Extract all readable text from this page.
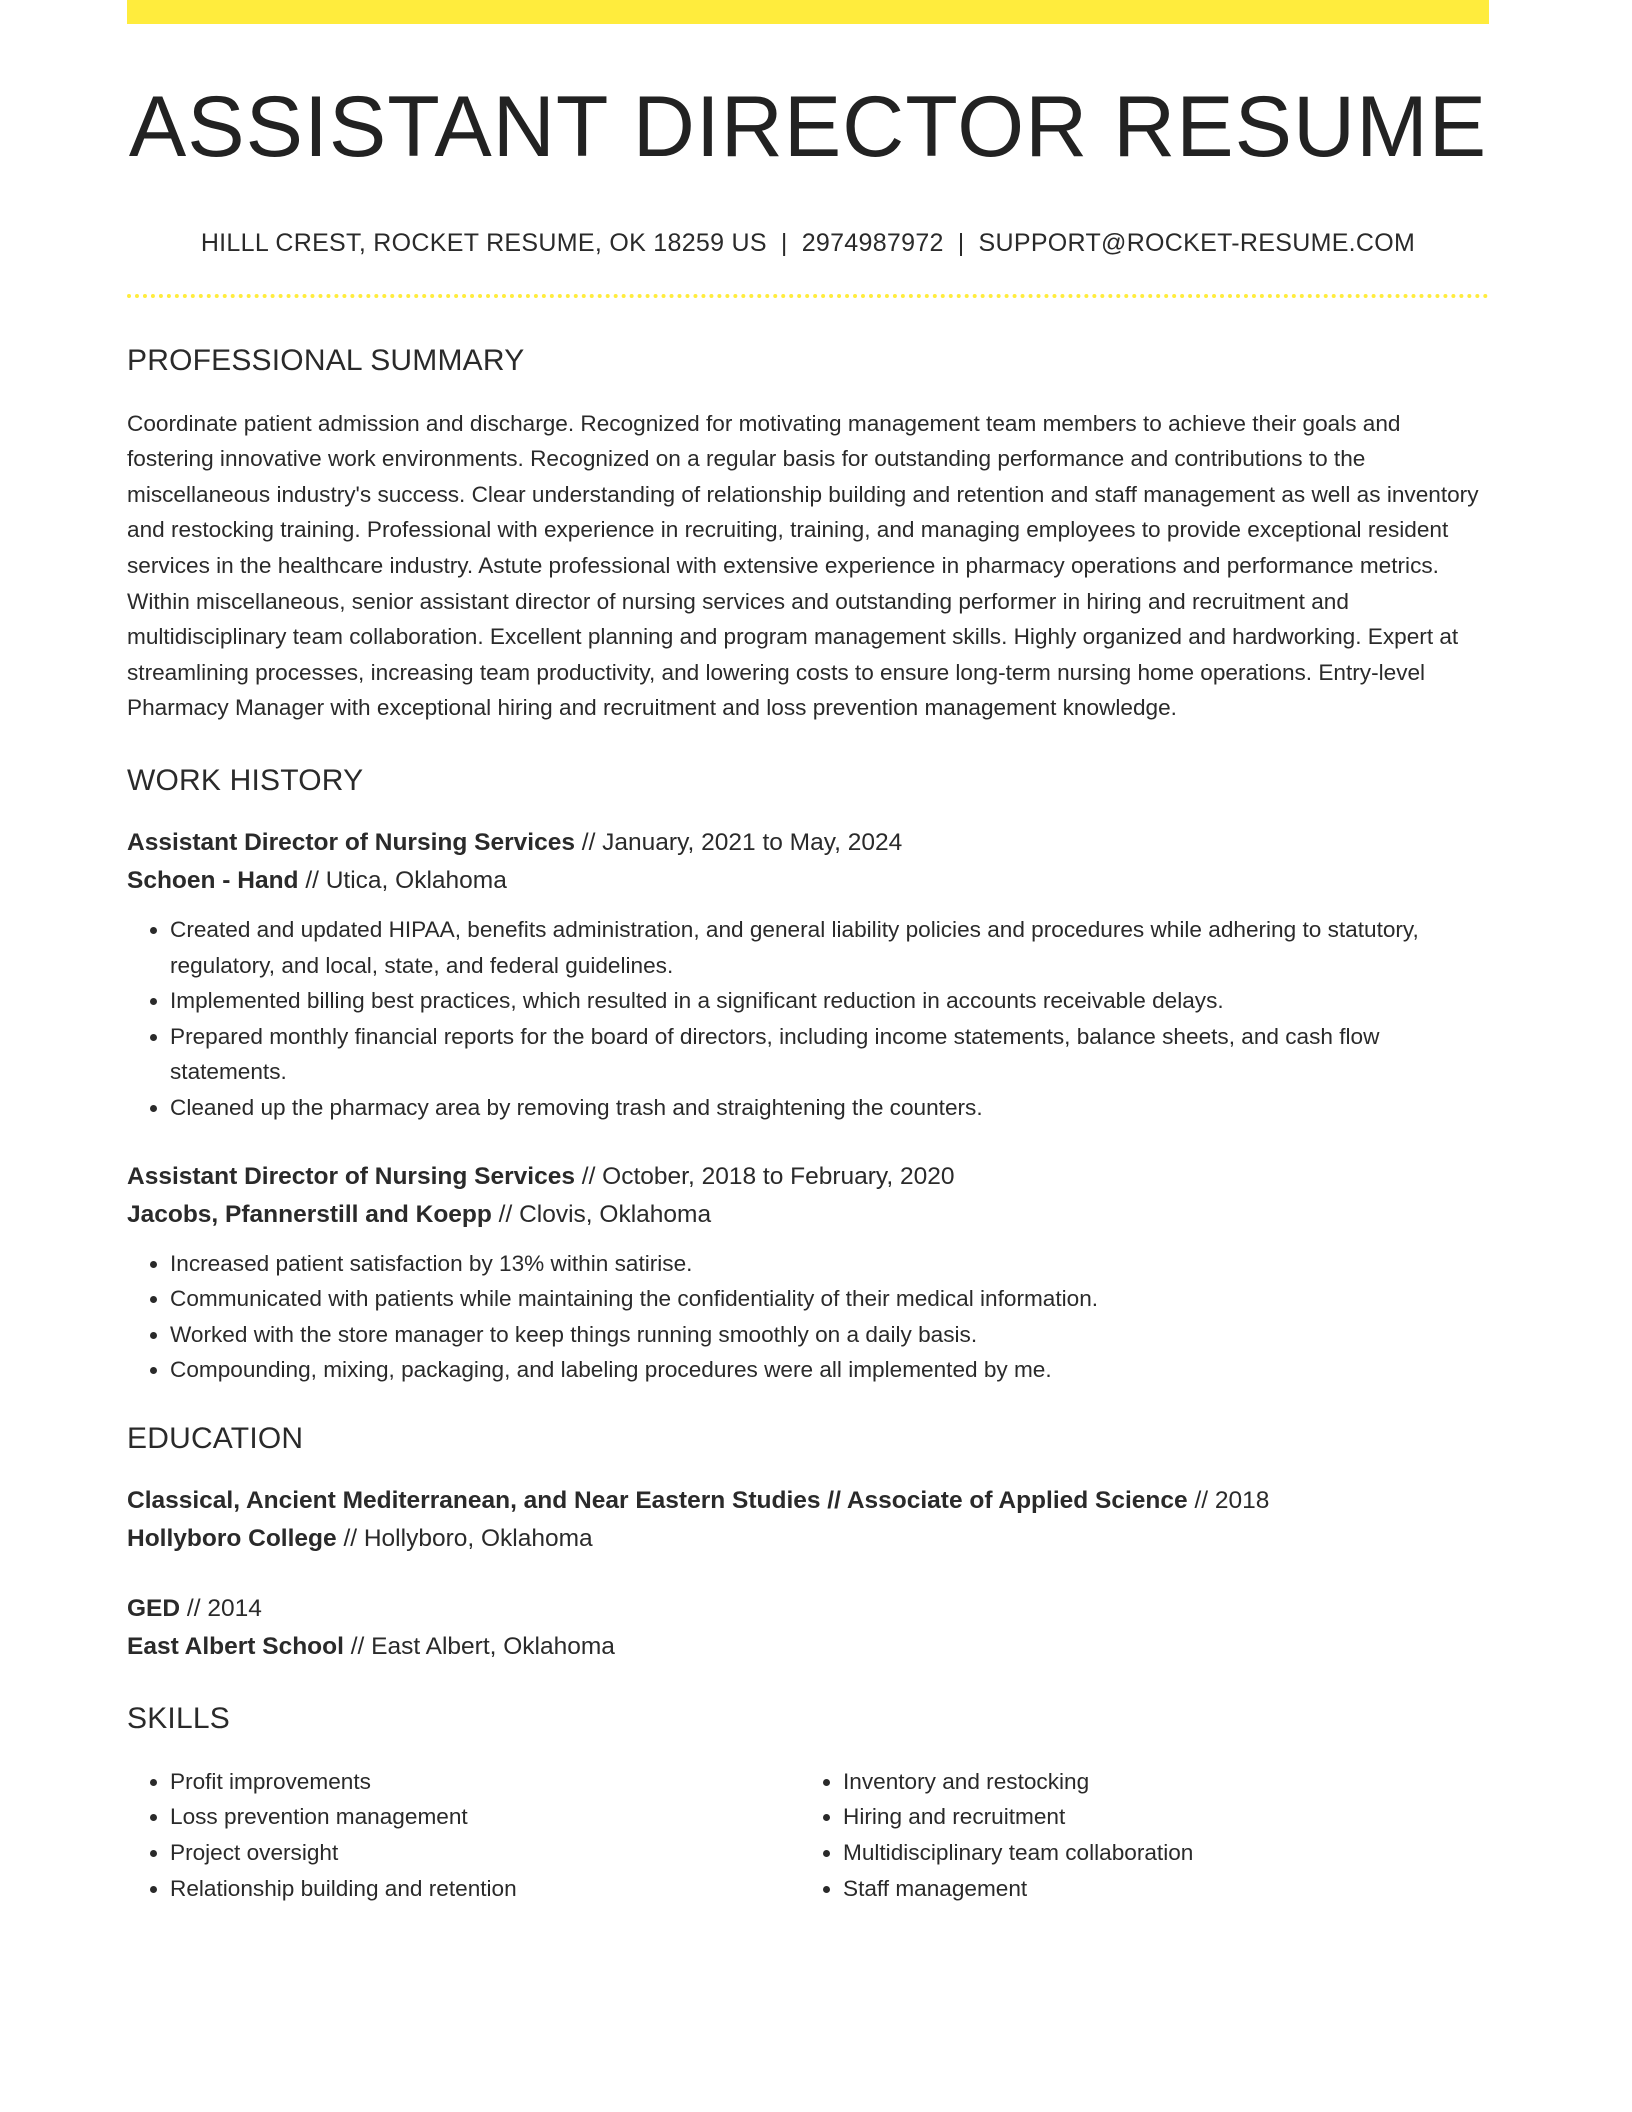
ASSISTANT DIRECTOR RESUME
HILLL CREST, ROCKET RESUME, OK 18259 US | 2974987972 | SUPPORT@ROCKET-RESUME.COM
PROFESSIONAL SUMMARY
Coordinate patient admission and discharge. Recognized for motivating management team members to achieve their goals and fostering innovative work environments. Recognized on a regular basis for outstanding performance and contributions to the miscellaneous industry's success. Clear understanding of relationship building and retention and staff management as well as inventory and restocking training. Professional with experience in recruiting, training, and managing employees to provide exceptional resident services in the healthcare industry. Astute professional with extensive experience in pharmacy operations and performance metrics. Within miscellaneous, senior assistant director of nursing services and outstanding performer in hiring and recruitment and multidisciplinary team collaboration. Excellent planning and program management skills. Highly organized and hardworking. Expert at streamlining processes, increasing team productivity, and lowering costs to ensure long-term nursing home operations. Entry-level Pharmacy Manager with exceptional hiring and recruitment and loss prevention management knowledge.
WORK HISTORY
Assistant Director of Nursing Services // January, 2021 to May, 2024
Schoen - Hand // Utica, Oklahoma
• Created and updated HIPAA, benefits administration, and general liability policies and procedures while adhering to statutory, regulatory, and local, state, and federal guidelines.
• Implemented billing best practices, which resulted in a significant reduction in accounts receivable delays.
• Prepared monthly financial reports for the board of directors, including income statements, balance sheets, and cash flow statements.
• Cleaned up the pharmacy area by removing trash and straightening the counters.
Assistant Director of Nursing Services // October, 2018 to February, 2020
Jacobs, Pfannerstill and Koepp // Clovis, Oklahoma
• Increased patient satisfaction by 13% within satirise.
• Communicated with patients while maintaining the confidentiality of their medical information.
• Worked with the store manager to keep things running smoothly on a daily basis.
• Compounding, mixing, packaging, and labeling procedures were all implemented by me.
EDUCATION
Classical, Ancient Mediterranean, and Near Eastern Studies // Associate of Applied Science // 2018
Hollyboro College // Hollyboro, Oklahoma
GED // 2014
East Albert School // East Albert, Oklahoma
SKILLS
• Profit improvements
• Loss prevention management
• Project oversight
• Relationship building and retention
• Inventory and restocking
• Hiring and recruitment
• Multidisciplinary team collaboration
• Staff management
